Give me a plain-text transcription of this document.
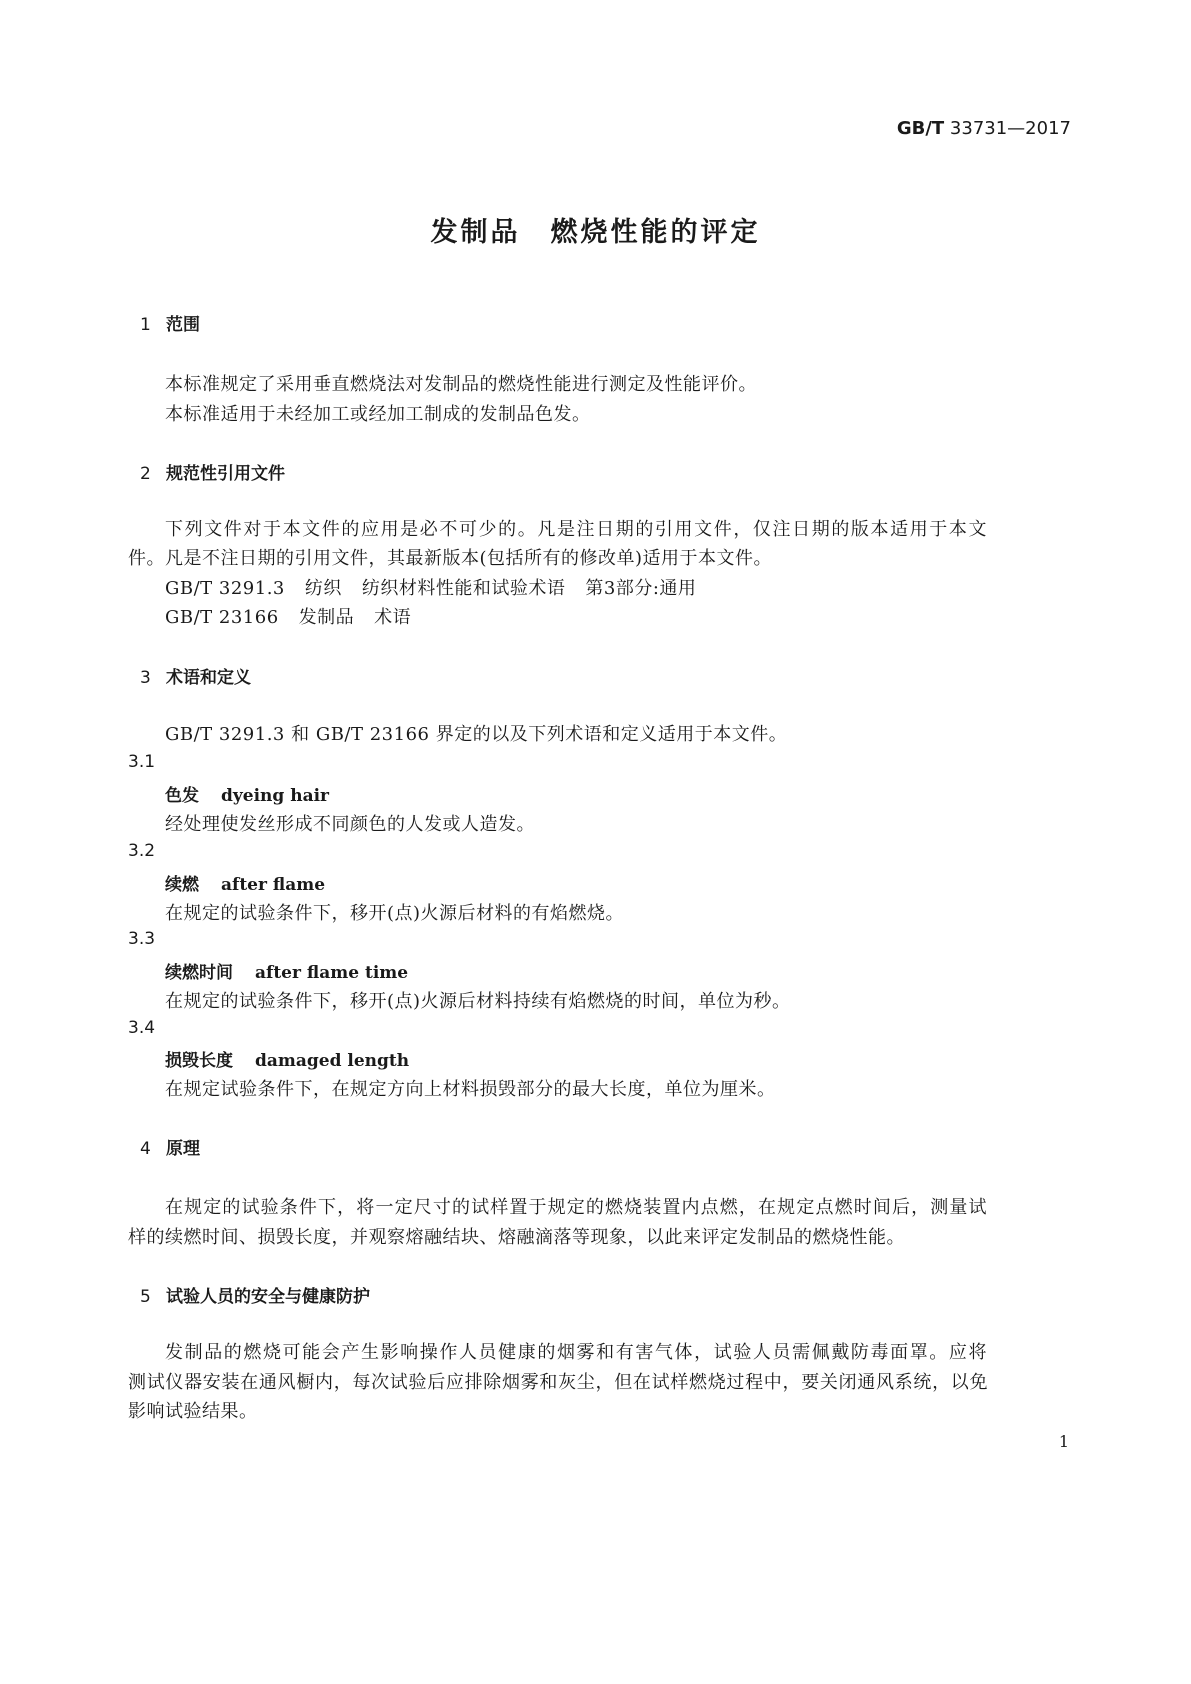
GB/T 33731—2017
发制品　燃烧性能的评定
1 范围
本标准规定了采用垂直燃烧法对发制品的燃烧性能进行测定及性能评价。
本标准适用于未经加工或经加工制成的发制品色发。
2 规范性引用文件
下列文件对于本文件的应用是必不可少的。凡是注日期的引用文件，仅注日期的版本适用于本文
件。凡是不注日期的引用文件，其最新版本(包括所有的修改单)适用于本文件。
GB/T 3291.3 纺织 纺织材料性能和试验术语 第3部分:通用
GB/T 23166 发制品 术语
3 术语和定义
GB/T 3291.3 和 GB/T 23166 界定的以及下列术语和定义适用于本文件。
3.1
色发 dyeing hair
经处理使发丝形成不同颜色的人发或人造发。
3.2
续燃 after flame
在规定的试验条件下，移开(点)火源后材料的有焰燃烧。
3.3
续燃时间 after flame time
在规定的试验条件下，移开(点)火源后材料持续有焰燃烧的时间，单位为秒。
3.4
损毁长度 damaged length
在规定试验条件下，在规定方向上材料损毁部分的最大长度，单位为厘米。
4 原理
在规定的试验条件下，将一定尺寸的试样置于规定的燃烧装置内点燃，在规定点燃时间后，测量试
样的续燃时间、损毁长度，并观察熔融结块、熔融滴落等现象，以此来评定发制品的燃烧性能。
5 试验人员的安全与健康防护
发制品的燃烧可能会产生影响操作人员健康的烟雾和有害气体，试验人员需佩戴防毒面罩。应将
测试仪器安装在通风橱内，每次试验后应排除烟雾和灰尘，但在试样燃烧过程中，要关闭通风系统，以免
影响试验结果。
1
